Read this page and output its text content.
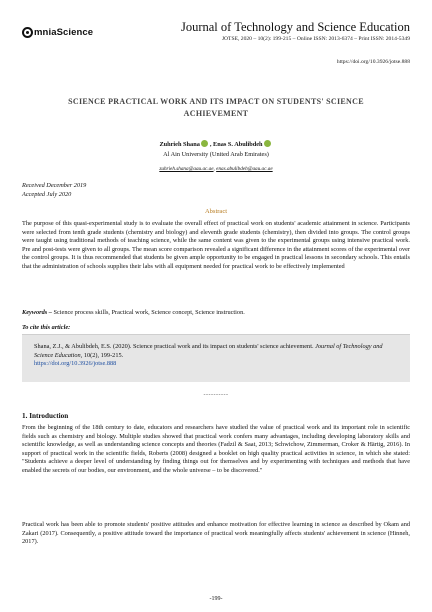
mniaScience	Journal of Technology and Science Education
JOTSE, 2020 – 10(2): 199-215 – Online ISSN: 2013-6374 – Print ISSN: 2014-5349
https://doi.org/10.3926/jotse.888
SCIENCE PRACTICAL WORK AND ITS IMPACT ON STUDENTS' SCIENCE ACHIEVEMENT
Zuhrieh Shana , Enas S. Abulibdeh
Al Ain University (United Arab Emirates)
zuhrieh.shana@aau.ac.ae, enas.abulibdeh@aau.ac.ae
Received December 2019
Accepted July 2020
Abstract
The purpose of this quasi-experimental study is to evaluate the overall effect of practical work on students' academic attainment in science. Participants were selected from tenth grade students (chemistry and biology) and eleventh grade students (chemistry), then divided into groups. The control groups were taught using traditional methods of teaching science, while the same content was given to the experimental groups using intensive practical work. Pre and post-tests were given to all groups. The mean score comparison revealed a significant difference in the attainment scores of the experimental over the control groups. It is thus recommended that students be given ample opportunity to be engaged in practical lessons in secondary schools. This entails that the administration of schools supplies their labs with all equipment needed for practical work to be effectively implemented
Keywords – Science process skills, Practical work, Science concept, Science instruction.
To cite this article:
Shana, Z.J., & Abulibdeh, E.S. (2020). Science practical work and its impact on students' science achievement. Journal of Technology and Science Education, 10(2), 199-215.
https://doi.org/10.3926/jotse.888
----------
1. Introduction
From the beginning of the 18th century to date, educators and researchers have studied the value of practical work and its important role in scientific fields such as chemistry and biology. Multiple studies showed that practical work confers many advantages, including developing laboratory skills and scientific knowledge, as well as understanding science concepts and theories (Fadzil & Saat, 2013; Schwichow, Zimmerman, Croker & Härtig, 2016). In support of practical work in the scientific fields, Roberts (2008) designed a booklet on high quality practical activities in science, in which she stated: "Students achieve a deeper level of understanding by finding things out for themselves and by experimenting with techniques and methods that have enabled the secrets of our bodies, our environment, and the whole universe – to be discovered."
Practical work has been able to promote students' positive attitudes and enhance motivation for effective learning in science as described by Okam and Zakari (2017). Consequently, a positive attitude toward the importance of practical work meaningfully affects students' achievement in science (Hinneh, 2017).
-199-
